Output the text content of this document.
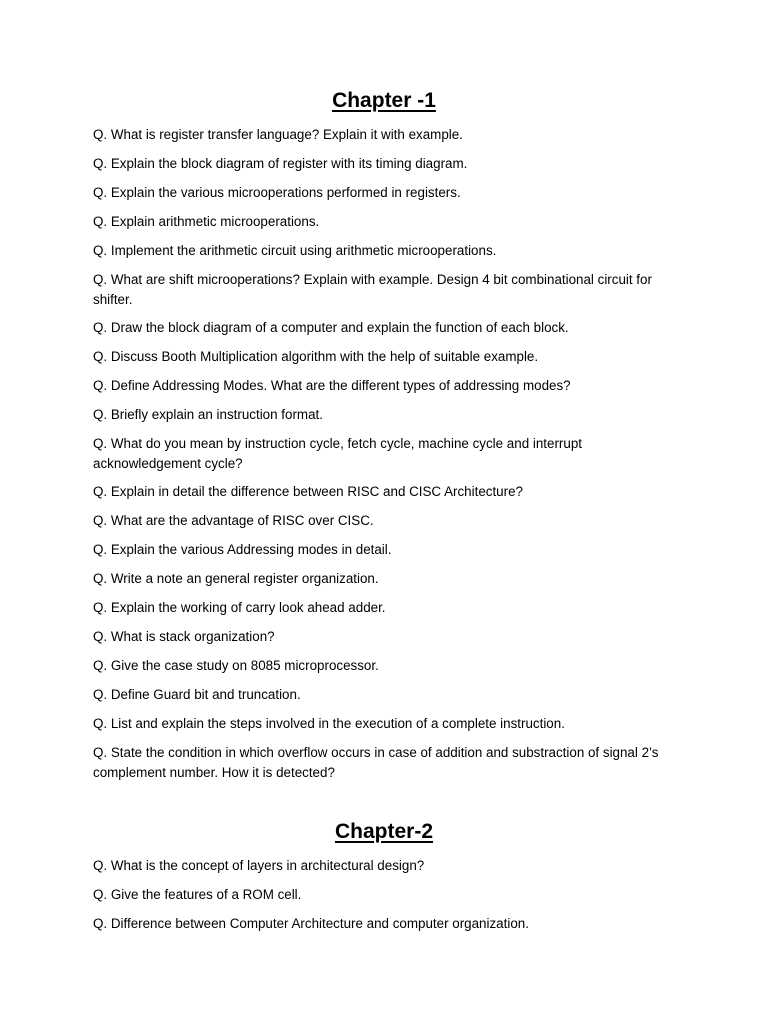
Chapter -1

Q. What is register transfer language? Explain it with example.

Q. Explain the block diagram of register with its timing diagram.

Q. Explain the various microoperations performed in registers.

Q. Explain arithmetic microoperations.

Q. Implement the arithmetic circuit using arithmetic microoperations.

Q. What are shift microoperations? Explain with example. Design 4 bit combinational circuit for shifter.

Q. Draw the block diagram of a computer and explain the function of each block.

Q. Discuss Booth Multiplication algorithm with the help of suitable example.

Q. Define Addressing Modes. What are the different types of addressing modes?

Q. Briefly explain an instruction format.

Q. What do you mean by instruction cycle, fetch cycle, machine cycle and interrupt acknowledgement cycle?

Q. Explain in detail the difference between RISC and CISC Architecture?

Q. What are the advantage of RISC over CISC.

Q. Explain the various Addressing modes in detail.

Q. Write a note an general register organization.

Q. Explain the working of carry look ahead adder.

Q. What is stack organization?

Q. Give the case study on 8085 microprocessor.

Q. Define Guard bit and truncation.

Q. List and explain the steps involved in the execution of a complete instruction.

Q. State the condition in which overflow occurs in case of addition and substraction of signal 2’s complement number. How it is detected?

Chapter-2

Q. What is the concept of layers in architectural design?

Q. Give the features of a ROM cell.

Q. Difference between Computer Architecture and computer organization.
